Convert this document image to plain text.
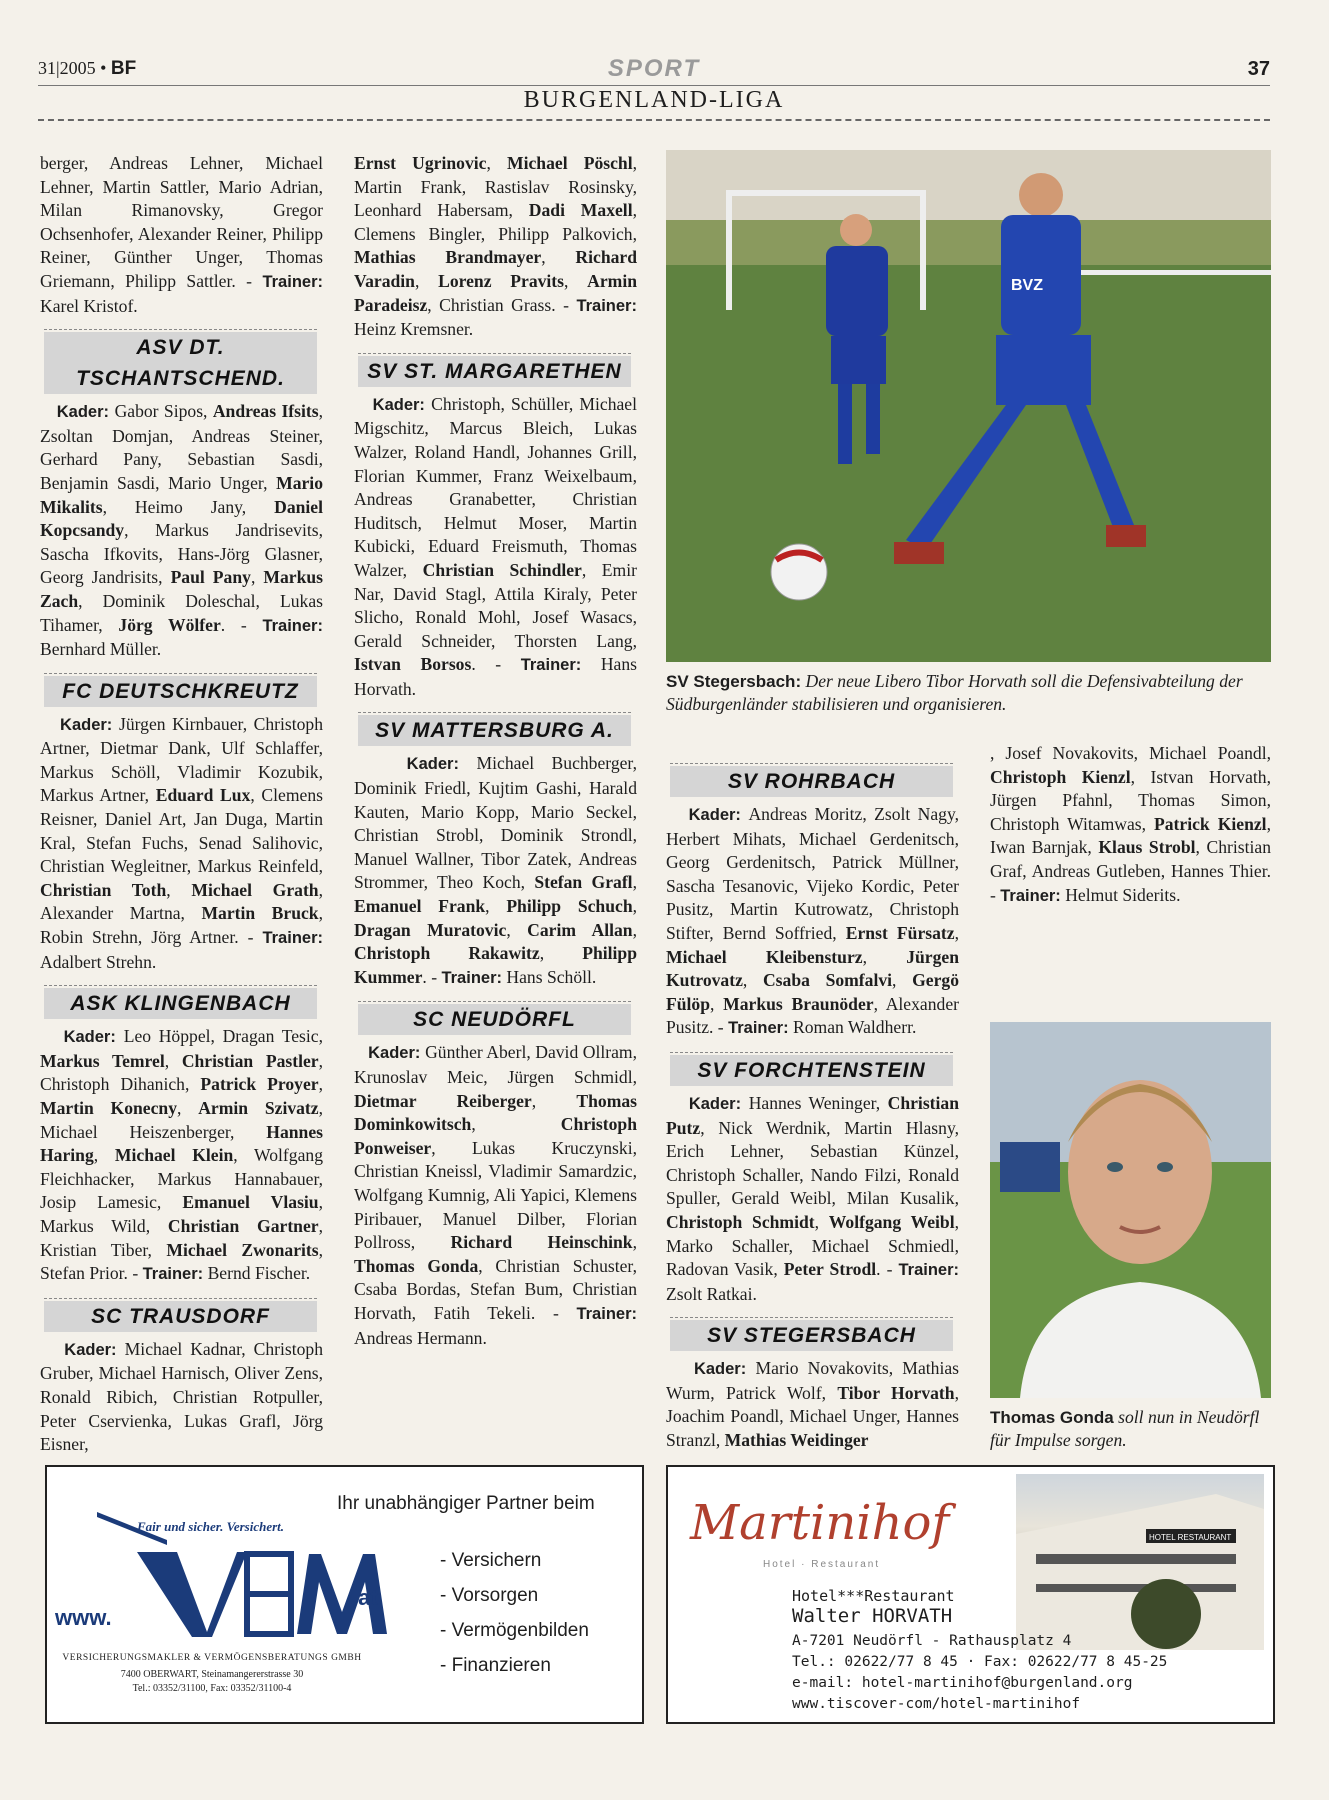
31|2005 • BF	SPORT	37
BURGENLAND-LIGA

berger, Andreas Lehner, Michael Lehner, Martin Sattler, Mario Adrian, Milan Rimanovsky, Gregor Ochsenhofer, Alexander Reiner, Philipp Reiner, Günther Unger, Thomas Griemann, Philipp Sattler. - Trainer: Karel Kristof.

ASV DT. TSCHANTSCHEND.

Kader: Gabor Sipos, Andreas Ifsits, Zsoltan Domjan, Andreas Steiner, Gerhard Pany, Sebastian Sasdi, Benjamin Sasdi, Mario Unger, Mario Mikalits, Heimo Jany, Daniel Kopcsandy, Markus Jandrisevits, Sascha Ifkovits, Hans-Jörg Glasner, Georg Jandrisits, Paul Pany, Markus Zach, Dominik Doleschal, Lukas Tihamer, Jörg Wölfer. - Trainer: Bernhard Müller.

FC DEUTSCHKREUTZ

Kader: Jürgen Kirnbauer, Christoph Artner, Dietmar Dank, Ulf Schlaffer, Markus Schöll, Vladimir Kozubik, Markus Artner, Eduard Lux, Clemens Reisner, Daniel Art, Jan Duga, Martin Kral, Stefan Fuchs, Senad Salihovic, Christian Wegleitner, Markus Reinfeld, Christian Toth, Michael Grath, Alexander Martna, Martin Bruck, Robin Strehn, Jörg Artner. - Trainer: Adalbert Strehn.

ASK KLINGENBACH

Kader: Leo Höppel, Dragan Tesic, Markus Temrel, Christian Pastler, Christoph Dihanich, Patrick Proyer, Martin Konecny, Armin Szivatz, Michael Heiszenberger, Hannes Haring, Michael Klein, Wolfgang Fleichhacker, Markus Hannabauer, Josip Lamesic, Emanuel Vlasiu, Markus Wild, Christian Gartner, Kristian Tiber, Michael Zwonarits, Stefan Prior. - Trainer: Bernd Fischer.

SC TRAUSDORF

Kader: Michael Kadnar, Christoph Gruber, Michael Harnisch, Oliver Zens, Ronald Ribich, Christian Rotpuller, Peter Cservienka, Lukas Grafl, Jörg Eisner,

Ernst Ugrinovic, Michael Pöschl, Martin Frank, Rastislav Rosinsky, Leonhard Habersam, Dadi Maxell, Clemens Bingler, Philipp Palkovich, Mathias Brandmayer, Richard Varadin, Lorenz Pravits, Armin Paradeisz, Christian Grass. - Trainer: Heinz Kremsner.

SV ST. MARGARETHEN

Kader: Christoph, Schüller, Michael Migschitz, Marcus Bleich, Lukas Walzer, Roland Handl, Johannes Grill, Florian Kummer, Franz Weixelbaum, Andreas Granabetter, Christian Huditsch, Helmut Moser, Martin Kubicki, Eduard Freismuth, Thomas Walzer, Christian Schindler, Emir Nar, David Stagl, Attila Kiraly, Peter Slicho, Ronald Mohl, Josef Wasacs, Gerald Schneider, Thorsten Lang, Istvan Borsos. - Trainer: Hans Horvath.

SV MATTERSBURG A.

Kader: Michael Buchberger, Dominik Friedl, Kujtim Gashi, Harald Kauten, Mario Kopp, Mario Seckel, Christian Strobl, Dominik Strondl, Manuel Wallner, Tibor Zatek, Andreas Strommer, Theo Koch, Stefan Grafl, Emanuel Frank, Philipp Schuch, Dragan Muratovic, Carim Allan, Christoph Rakawitz, Philipp Kummer. - Trainer: Hans Schöll.

SC NEUDÖRFL

Kader: Günther Aberl, David Ollram, Krunoslav Meic, Jürgen Schmidl, Dietmar Reiberger, Thomas Dominkowitsch, Christoph Ponweiser, Lukas Kruczynski, Christian Kneissl, Vladimir Samardzic, Wolfgang Kumnig, Ali Yapici, Klemens Piribauer, Manuel Dilber, Florian Pollross, Richard Heinschink, Thomas Gonda, Christian Schuster, Csaba Bordas, Stefan Bum, Christian Horvath, Fatih Tekeli. - Trainer: Andreas Hermann.

BVZ
SV Stegersbach: Der neue Libero Tibor Horvath soll die Defensivabteilung der Südburgenländer stabilisieren und organisieren.
SV ROHRBACH

Kader: Andreas Moritz, Zsolt Nagy, Herbert Mihats, Michael Gerdenitsch, Georg Gerdenitsch, Patrick Müllner, Sascha Tesanovic, Vijeko Kordic, Peter Pusitz, Martin Kutrowatz, Christoph Stifter, Bernd Soffried, Ernst Fürsatz, Michael Kleibensturz, Jürgen Kutrovatz, Csaba Somfalvi, Gergö Fülöp, Markus Braunöder, Alexander Pusitz. - Trainer: Roman Waldherr.

SV FORCHTENSTEIN

Kader: Hannes Weninger, Christian Putz, Nick Werdnik, Martin Hlasny, Erich Lehner, Sebastian Künzel, Christoph Schaller, Nando Filzi, Ronald Spuller, Gerald Weibl, Milan Kusalik, Christoph Schmidt, Wolfgang Weibl, Marko Schaller, Michael Schmiedl, Radovan Vasik, Peter Strodl. - Trainer: Zsolt Ratkai.

SV STEGERSBACH

Kader: Mario Novakovits, Mathias Wurm, Patrick Wolf, Tibor Horvath, Joachim Poandl, Michael Unger, Hannes Stranzl, Mathias Weidinger

, Josef Novakovits, Michael Poandl, Christoph Kienzl, Istvan Horvath, Jürgen Pfahnl, Thomas Simon, Christoph Witamwas, Patrick Kienzl, Iwan Barnjak, Klaus Strobl, Christian Graf, Andreas Gutleben, Hannes Thier. - Trainer: Helmut Siderits.

Thomas Gonda soll nun in Neudörfl für Impulse sorgen.
Fair und sicher. Versichert.
www.
.at
VERSICHERUNGSMAKLER & VERMÖGENSBERATUNGS GMBH
7400 OBERWART, Steinamangererstrasse 30
Tel.: 03352/31100, Fax: 03352/31100-4
Ihr unabhängiger Partner beim
- Versichern
- Vorsorgen
- Vermögenbilden
- Finanzieren
Martinihof
Hotel · Restaurant
HOTEL RESTAURANT
Hotel***Restaurant
Walter HORVATH
A-7201 Neudörfl - Rathausplatz 4
Tel.: 02622/77 8 45 · Fax: 02622/77 8 45-25
e-mail: hotel-martinihof@burgenland.org
www.tiscover-com/hotel-martinihof
